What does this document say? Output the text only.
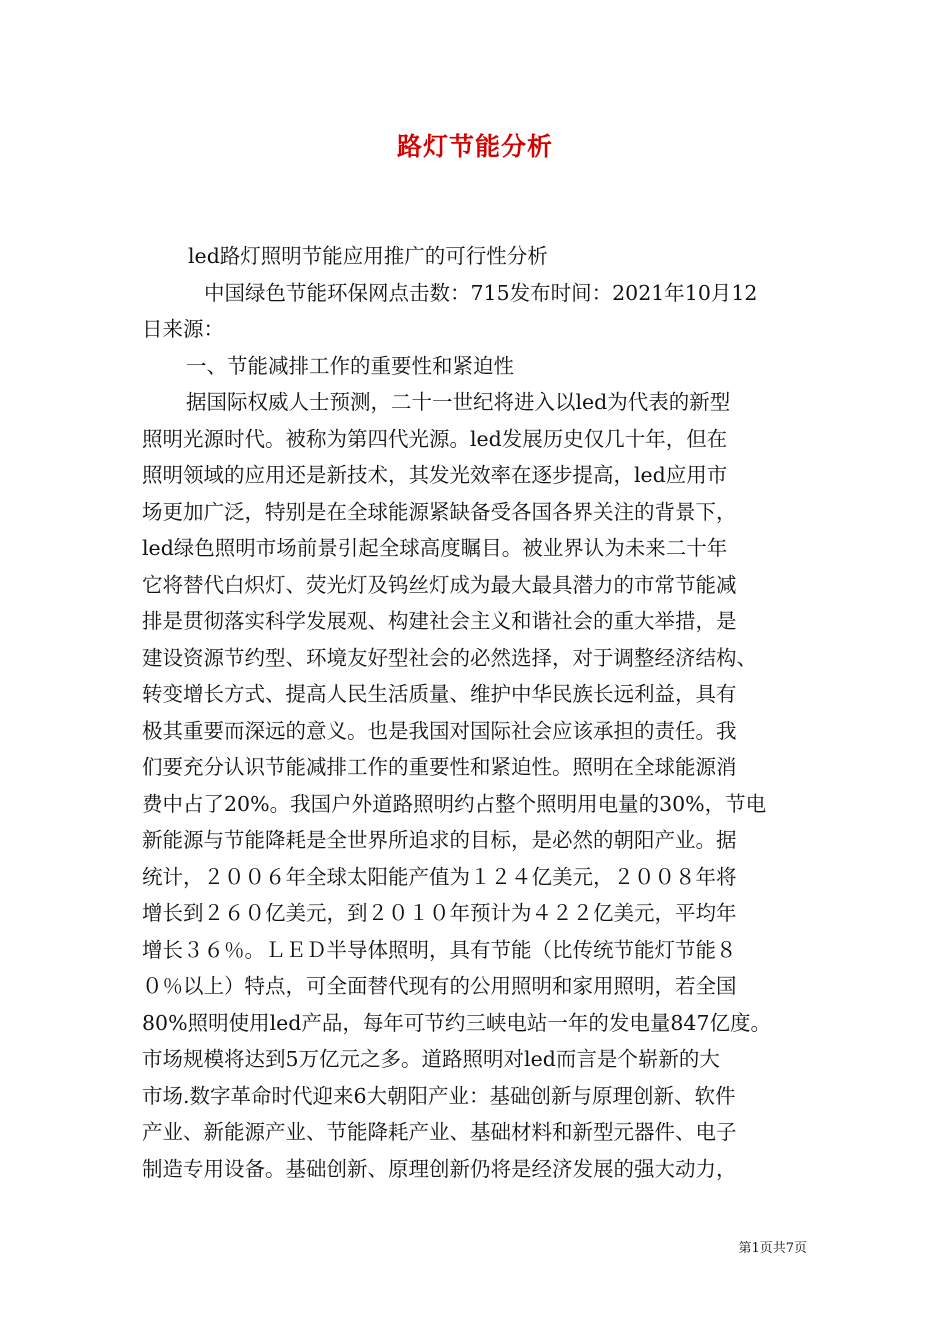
路灯节能分析
led路灯照明节能应用推广的可行性分析
中国绿色节能环保网点击数：715发布时间：2021年10月12
日来源：
一、节能减排工作的重要性和紧迫性
据国际权威人士预测，二十一世纪将进入以led为代表的新型
照明光源时代。被称为第四代光源。led发展历史仅几十年，但在
照明领域的应用还是新技术，其发光效率在逐步提高，led应用市
场更加广泛，特别是在全球能源紧缺备受各国各界关注的背景下，
led绿色照明市场前景引起全球高度瞩目。被业界认为未来二十年
它将替代白炽灯、荧光灯及钨丝灯成为最大最具潜力的市常节能减
排是贯彻落实科学发展观、构建社会主义和谐社会的重大举措，是
建设资源节约型、环境友好型社会的必然选择，对于调整经济结构、
转变增长方式、提高人民生活质量、维护中华民族长远利益，具有
极其重要而深远的意义。也是我国对国际社会应该承担的责任。我
们要充分认识节能减排工作的重要性和紧迫性。照明在全球能源消
费中占了20%。我国户外道路照明约占整个照明用电量的30%，节电
新能源与节能降耗是全世界所追求的目标，是必然的朝阳产业。据
统计，２００６年全球太阳能产值为１２４亿美元，２００８年将
增长到２６０亿美元，到２０１０年预计为４２２亿美元，平均年
增长３６％。ＬＥＤ半导体照明，具有节能（比传统节能灯节能８
０％以上）特点，可全面替代现有的公用照明和家用照明，若全国
80%照明使用led产品，每年可节约三峡电站一年的发电量847亿度。
市场规模将达到5万亿元之多。道路照明对led而言是个崭新的大
市场.数字革命时代迎来6大朝阳产业：基础创新与原理创新、软件
产业、新能源产业、节能降耗产业、基础材料和新型元器件、电子
制造专用设备。基础创新、原理创新仍将是经济发展的强大动力，
第1页共7页
